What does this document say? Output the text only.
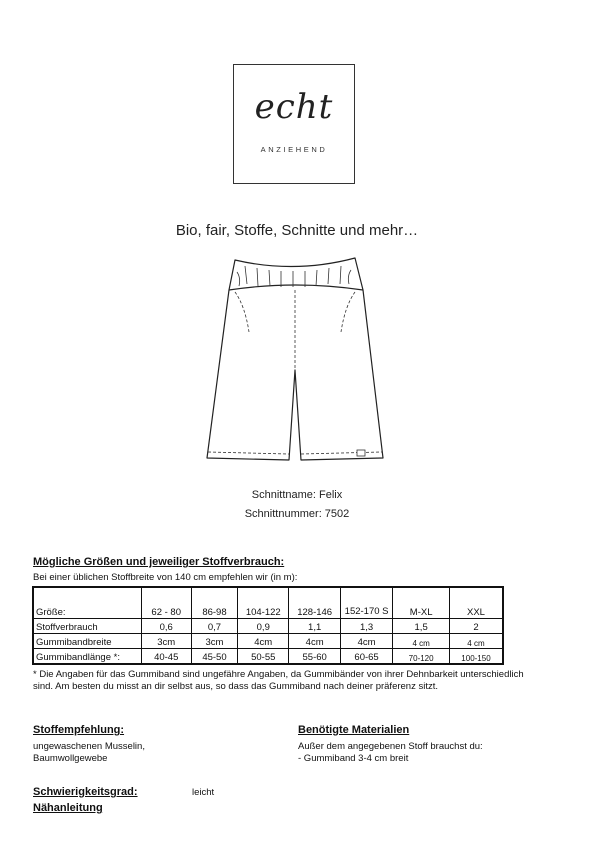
echt
ANZIEHEND
Bio, fair, Stoffe, Schnitte und mehr…
Schnittname: Felix
Schnittnummer: 7502
Mögliche Größen und jeweiliger Stoffverbrauch:
Bei einer üblichen Stoffbreite von 140 cm empfehlen wir (in m):
Größe:	62 - 80	86-98	104-122	128-146	152-170 S	M-XL	XXL
Stoffverbrauch	0,6	0,7	0,9	1,1	1,3	1,5	2
Gummibandbreite	3cm	3cm	4cm	4cm	4cm	4 cm	4 cm
Gummibandlänge *:	40-45	45-50	50-55	55-60	60-65	70-120	100-150
* Die Angaben für das Gummiband sind ungefähre Angaben, da Gummibänder von ihrer Dehnbarkeit unterschiedlich sind. Am besten du misst an dir selbst aus, so dass das Gummiband nach deiner präferenz sitzt.
Stoffempfehlung:
ungewaschenen Musselin,
Baumwollgewebe
Benötigte Materialien
Außer dem angegebenen Stoff brauchst du:
- Gummiband 3-4 cm breit
Schwierigkeitsgrad:	leicht
Nähanleitung
